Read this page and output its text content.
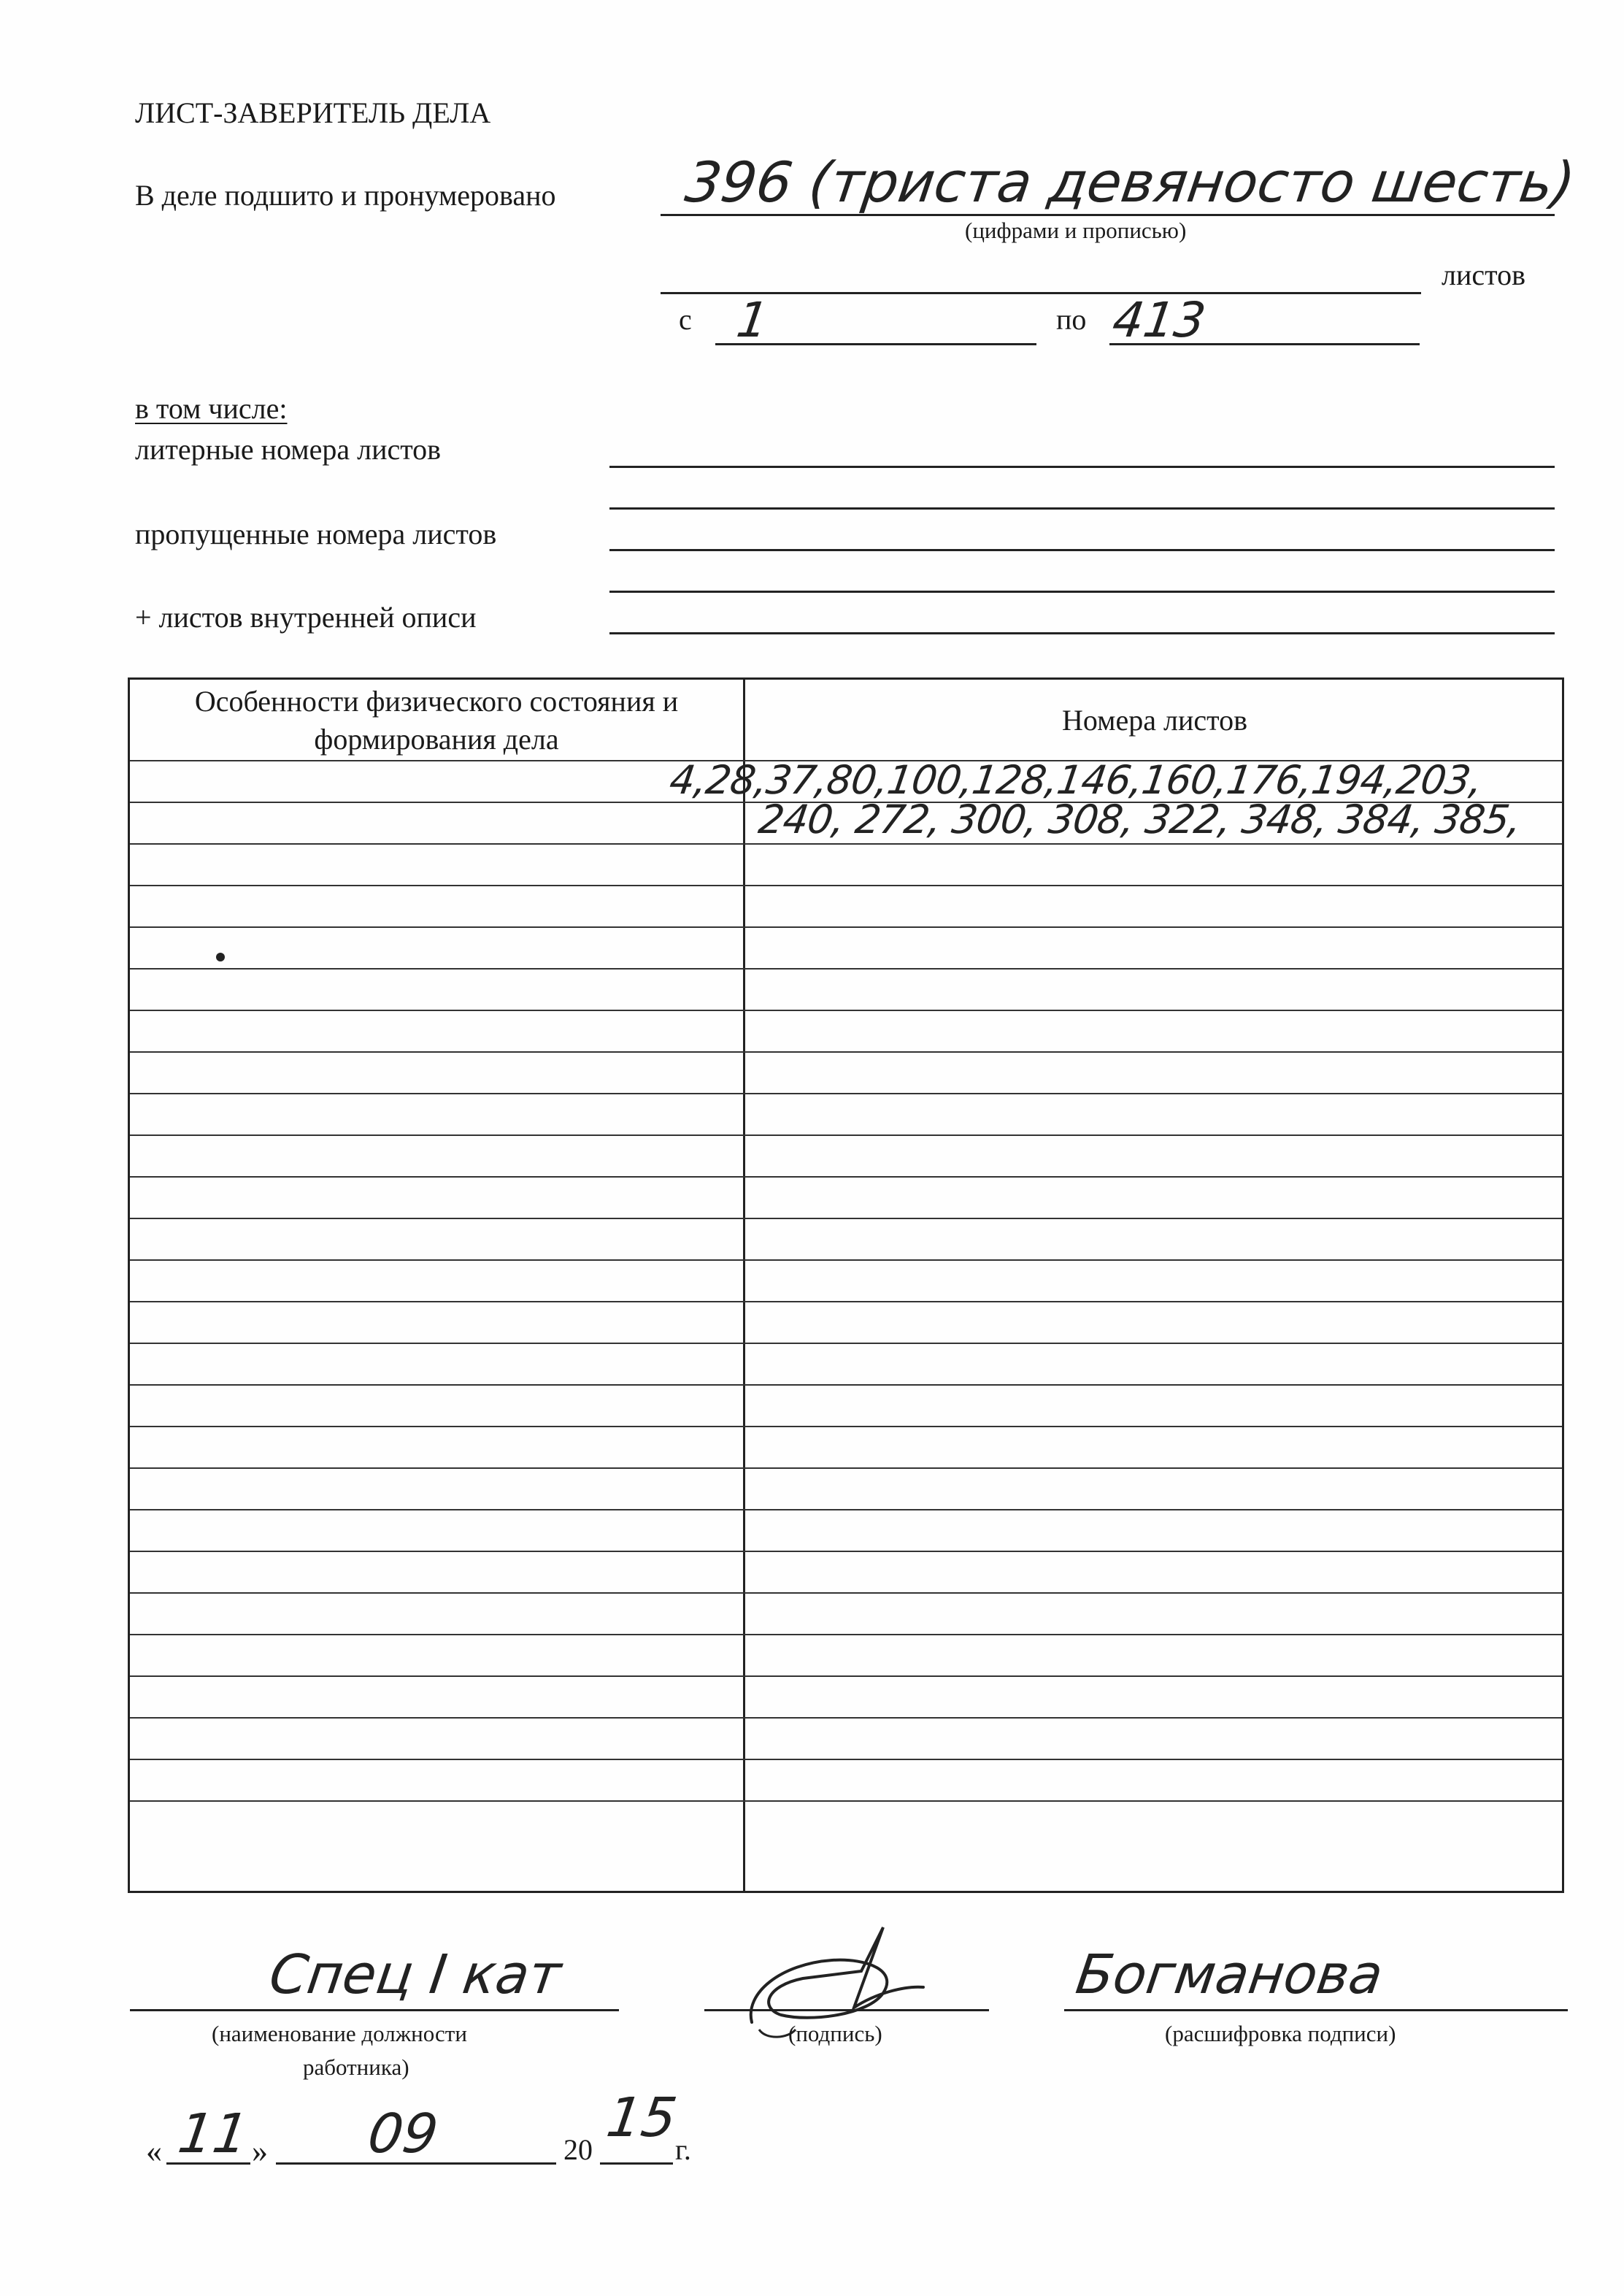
ЛИСТ-ЗАВЕРИТЕЛЬ ДЕЛА
В деле подшито и пронумеровано 396 (триста девяносто шесть)
(цифрами и прописью)
листов
с 1	по 413
в том числе:
литерные номера листов
пропущенные номера листов
+ листов внутренней описи
Особенности физического состояния и формирования дела
Номера листов
4,28,37,80,100,128,146,160,176,194,203,
240, 272, 300, 308, 322, 348, 384, 385,
Спец I кат
(наименование должности
работника)
(подпись)
Богманова
(расшифровка подписи)
« 11 » 09	20
15
г.
